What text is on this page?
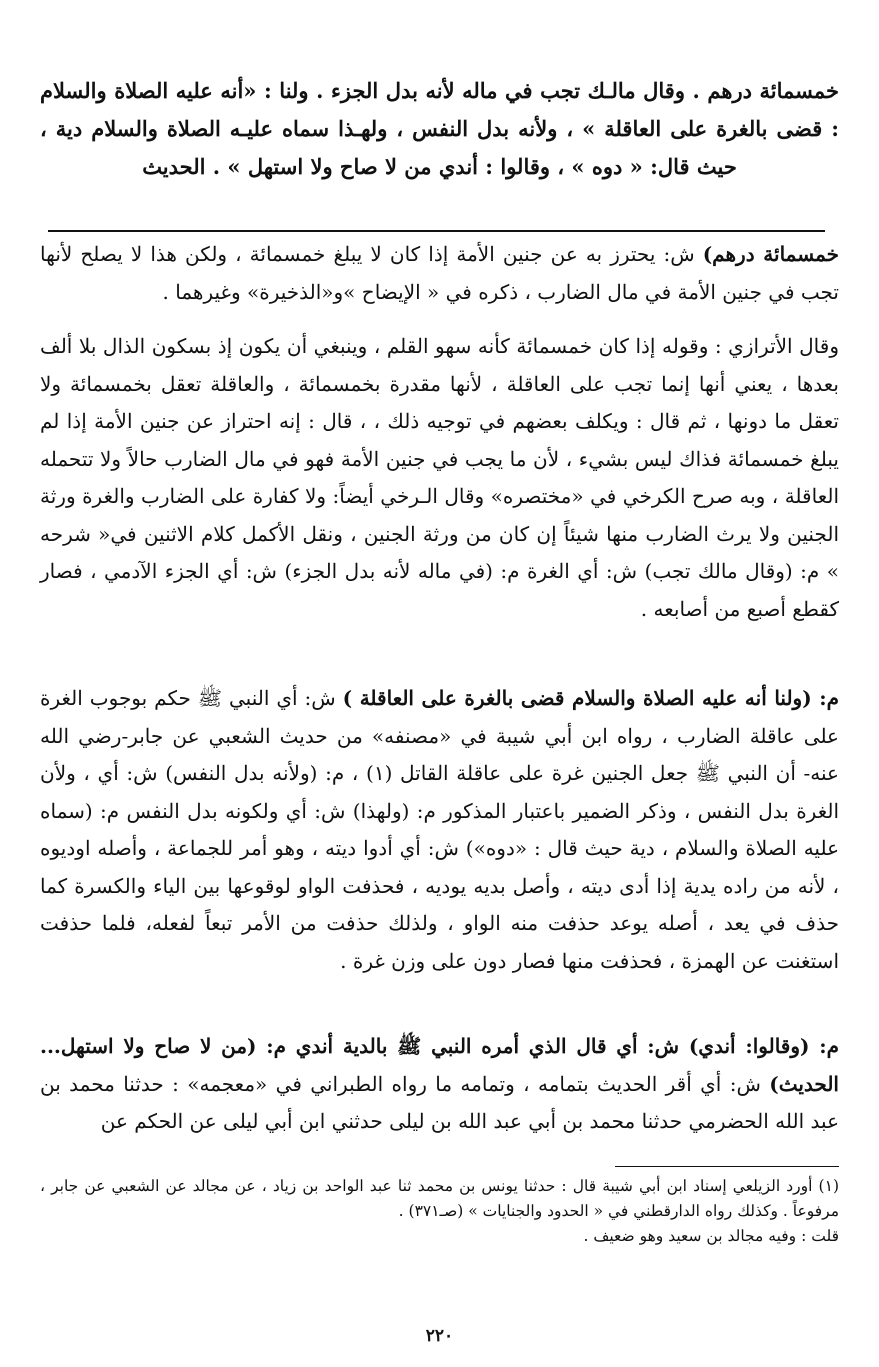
خمسمائة درهم . وقال مالـك تجب في ماله لأنه بدل الجزء . ولنا : «أنه عليه الصلاة والسلام : قضى بالغرة على العاقلة » ، ولأنه بدل النفس ، ولهـذا سماه عليـه الصلاة والسلام دية ، حيث قال: « دوه » ، وقالوا : أندي من لا صاح ولا استهل » . الحديث
خمسمائة درهم) ش: يحترز به عن جنين الأمة إذا كان لا يبلغ خمسمائة ، ولكن هذا لا يصلح لأنها تجب في جنين الأمة في مال الضارب ، ذكره في « الإيضاح »و«الذخيرة» وغيرهما .
وقال الأترازي : وقوله إذا كان خمسمائة كأنه سهو القلم ، وينبغي أن يكون إذ بسكون الذال بلا ألف بعدها ، يعني أنها إنما تجب على العاقلة ، لأنها مقدرة بخمسمائة ، والعاقلة تعقل بخمسمائة ولا تعقل ما دونها ، ثم قال : ويكلف بعضهم في توجيه ذلك ، ، قال : إنه احتراز عن جنين الأمة إذا لم يبلغ خمسمائة فذاك ليس بشيء ، لأن ما يجب في جنين الأمة فهو في مال الضارب حالاً ولا تتحمله العاقلة ، وبه صرح الكرخي في «مختصره» وقال الـرخي أيضاً: ولا كفارة على الضارب والغرة ورثة الجنين ولا يرث الضارب منها شيئاً إن كان من ورثة الجنين ، ونقل الأكمل كلام الاثنين في« شرحه » م: (وقال مالك تجب) ش: أي الغرة م: (في ماله لأنه بدل الجزء) ش: أي الجزء الآدمي ، فصار كقطع أصبع من أصابعه .
م: (ولنا أنه عليه الصلاة والسلام قضى بالغرة على العاقلة ) ش: أي النبي ﷺ حكم بوجوب الغرة على عاقلة الضارب ، رواه ابن أبي شيبة في «مصنفه» من حديث الشعبي عن جابر-رضي الله عنه- أن النبي ﷺ جعل الجنين غرة على عاقلة القاتل (١) ، م: (ولأنه بدل النفس) ش: أي ، ولأن الغرة بدل النفس ، وذكر الضمير باعتبار المذكور م: (ولهذا) ش: أي ولكونه بدل النفس م: (سماه عليه الصلاة والسلام ، دية حيث قال : «دوه») ش: أي أدوا ديته ، وهو أمر للجماعة ، وأصله اوديوه ، لأنه من راده يدية إذا أدى ديته ، وأصل بديه يوديه ، فحذفت الواو لوقوعها بين الياء والكسرة كما حذف في يعد ، أصله يوعد حذفت منه الواو ، ولذلك حذفت من الأمر تبعاً لفعله، فلما حذفت استغنت عن الهمزة ، فحذفت منها فصار دون على وزن غرة .
م: (وقالوا: أندي) ش: أي قال الذي أمره النبي ﷺ بالدية أندي م: (من لا صاح ولا استهل... الحديث) ش: أي أقر الحديث بتمامه ، وتمامه ما رواه الطبراني في «معجمه» : حدثنا محمد بن عبد الله الحضرمي حدثنا محمد بن أبي عبد الله بن ليلى حدثني ابن أبي ليلى عن الحكم عن
(١) أورد الزيلعي إسناد ابن أبي شيبة قال : حدثنا يونس بن محمد ثنا عبد الواحد بن زياد ، عن مجالد عن الشعبي عن جابر ، مرفوعاً . وكذلك رواه الدارقطني في « الحدود والجنايات » (صـ٣٧١) .
قلت : وفيه مجالد بن سعيد وهو ضعيف .
٢٢٠
